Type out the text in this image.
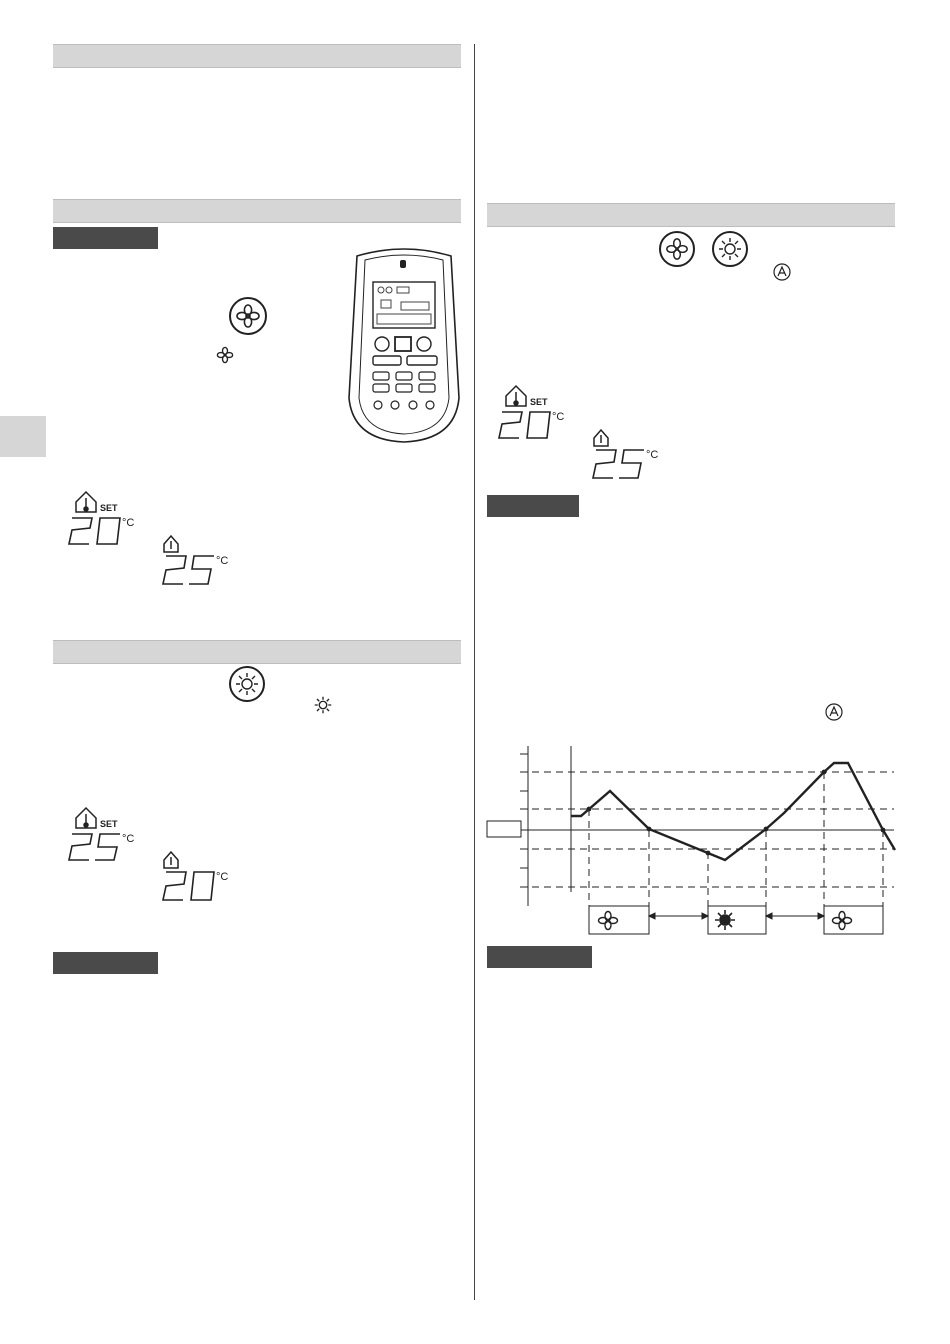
SET
°C
°C
SET
°C
°C
SET
°C
°C
